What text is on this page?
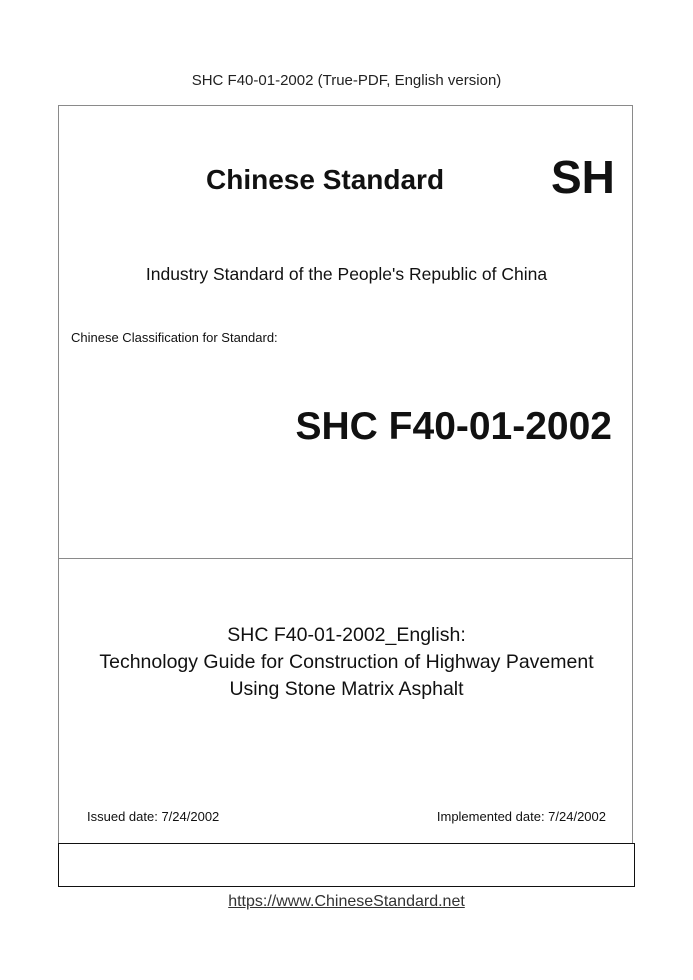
SHC F40-01-2002 (True-PDF, English version)
Chinese Standard SH
Industry Standard of the People's Republic of China
Chinese Classification for Standard:
SHC F40-01-2002
SHC F40-01-2002_English:
Technology Guide for Construction of Highway Pavement
Using Stone Matrix Asphalt
Issued date: 7/24/2002	Implemented date: 7/24/2002
https://www.ChineseStandard.net
